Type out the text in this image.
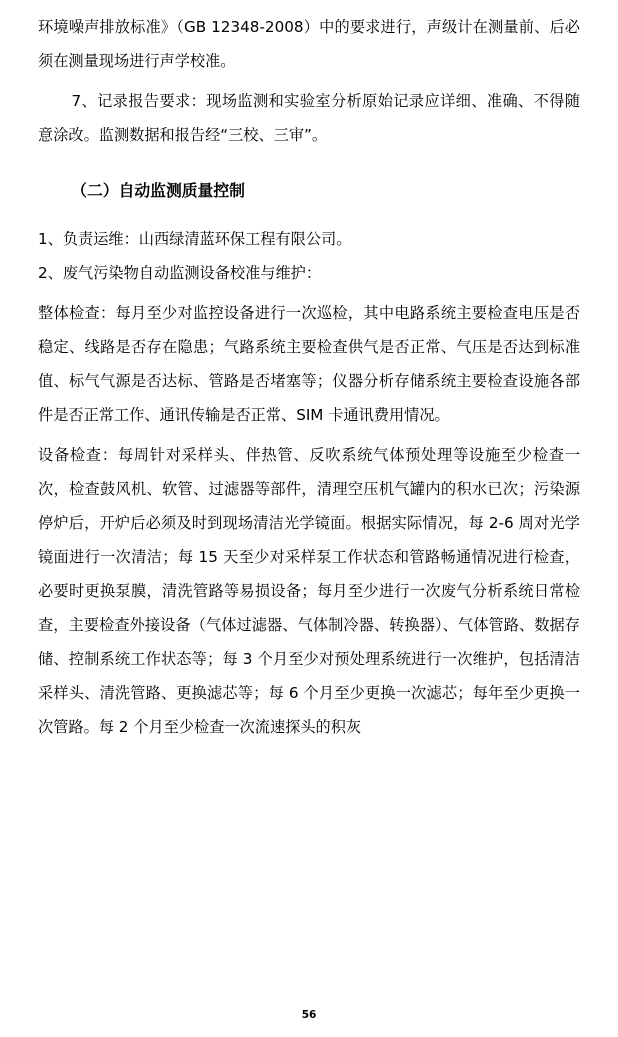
环境噪声排放标准》（GB 12348-2008）中的要求进行，声级计在测量前、后必须在测量现场进行声学校准。

7、记录报告要求：现场监测和实验室分析原始记录应详细、准确、不得随意涂改。监测数据和报告经“三校、三审”。

（二）自动监测质量控制

1、负责运维：山西绿清蓝环保工程有限公司。

2、废气污染物自动监测设备校准与维护：

整体检查：每月至少对监控设备进行一次巡检，其中电路系统主要检查电压是否稳定、线路是否存在隐患；气路系统主要检查供气是否正常、气压是否达到标准值、标气气源是否达标、管路是否堵塞等；仪器分析存储系统主要检查设施各部件是否正常工作、通讯传输是否正常、SIM 卡通讯费用情况。

设备检查：每周针对采样头、伴热管、反吹系统气体预处理等设施至少检查一次，检查鼓风机、软管、过滤器等部件，清理空压机气罐内的积水已次；污染源停炉后，开炉后必须及时到现场清洁光学镜面。根据实际情况，每 2-6 周对光学镜面进行一次清洁；每 15 天至少对采样泵工作状态和管路畅通情况进行检查，必要时更换泵膜，清洗管路等易损设备；每月至少进行一次废气分析系统日常检查，主要检查外接设备（气体过滤器、气体制冷器、转换器）、气体管路、数据存储、控制系统工作状态等；每 3 个月至少对预处理系统进行一次维护，包括清洁采样头、清洗管路、更换滤芯等；每 6 个月至少更换一次滤芯；每年至少更换一次管路。每 2 个月至少检查一次流速探头的积灰

56
